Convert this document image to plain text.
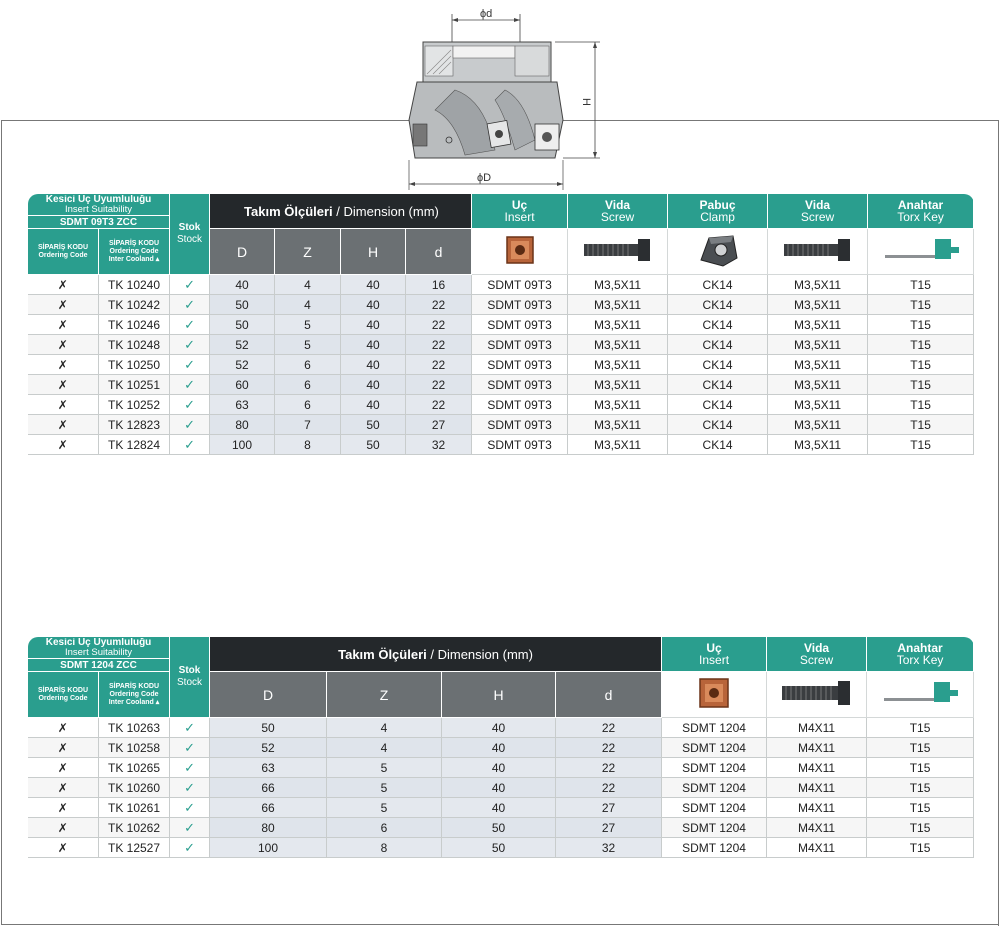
ϕd
H
ϕD
Kesici Uç Uyumluluğu
Insert Suitability		Stok
Stock	Takım Ölçüleri / Dimension (mm)				Uç
Insert	Vida
Screw	Pabuç
Clamp	Vida
Screw	Anahtar
Torx Key

SDMT 09T3 ZCC											

SİPARİŞ KODU
Ordering Code	SİPARİŞ KODU
Ordering Code
Inter Cooland ▴		D	Z	H	d					
✗	TK 10240	✓	40	4	40	16	SDMT 09T3	M3,5X11	CK14	M3,5X11	T15
✗	TK 10242	✓	50	4	40	22	SDMT 09T3	M3,5X11	CK14	M3,5X11	T15
✗	TK 10246	✓	50	5	40	22	SDMT 09T3	M3,5X11	CK14	M3,5X11	T15
✗	TK 10248	✓	52	5	40	22	SDMT 09T3	M3,5X11	CK14	M3,5X11	T15
✗	TK 10250	✓	52	6	40	22	SDMT 09T3	M3,5X11	CK14	M3,5X11	T15
✗	TK 10251	✓	60	6	40	22	SDMT 09T3	M3,5X11	CK14	M3,5X11	T15
✗	TK 10252	✓	63	6	40	22	SDMT 09T3	M3,5X11	CK14	M3,5X11	T15
✗	TK 12823	✓	80	7	50	27	SDMT 09T3	M3,5X11	CK14	M3,5X11	T15
✗	TK 12824	✓	100	8	50	32	SDMT 09T3	M3,5X11	CK14	M3,5X11	T15
Kesici Uç Uyumluluğu
Insert Suitability		Stok
Stock	Takım Ölçüleri / Dimension (mm)				Uç
Insert	Vida
Screw	Anahtar
Torx Key

SDMT 1204 ZCC									

SİPARİŞ KODU
Ordering Code	SİPARİŞ KODU
Ordering Code
Inter Cooland ▴		D	Z	H	d			
✗	TK 10263	✓	50	4	40	22	SDMT 1204	M4X11	T15
✗	TK 10258	✓	52	4	40	22	SDMT 1204	M4X11	T15
✗	TK 10265	✓	63	5	40	22	SDMT 1204	M4X11	T15
✗	TK 10260	✓	66	5	40	22	SDMT 1204	M4X11	T15
✗	TK 10261	✓	66	5	40	27	SDMT 1204	M4X11	T15
✗	TK 10262	✓	80	6	50	27	SDMT 1204	M4X11	T15
✗	TK 12527	✓	100	8	50	32	SDMT 1204	M4X11	T15
